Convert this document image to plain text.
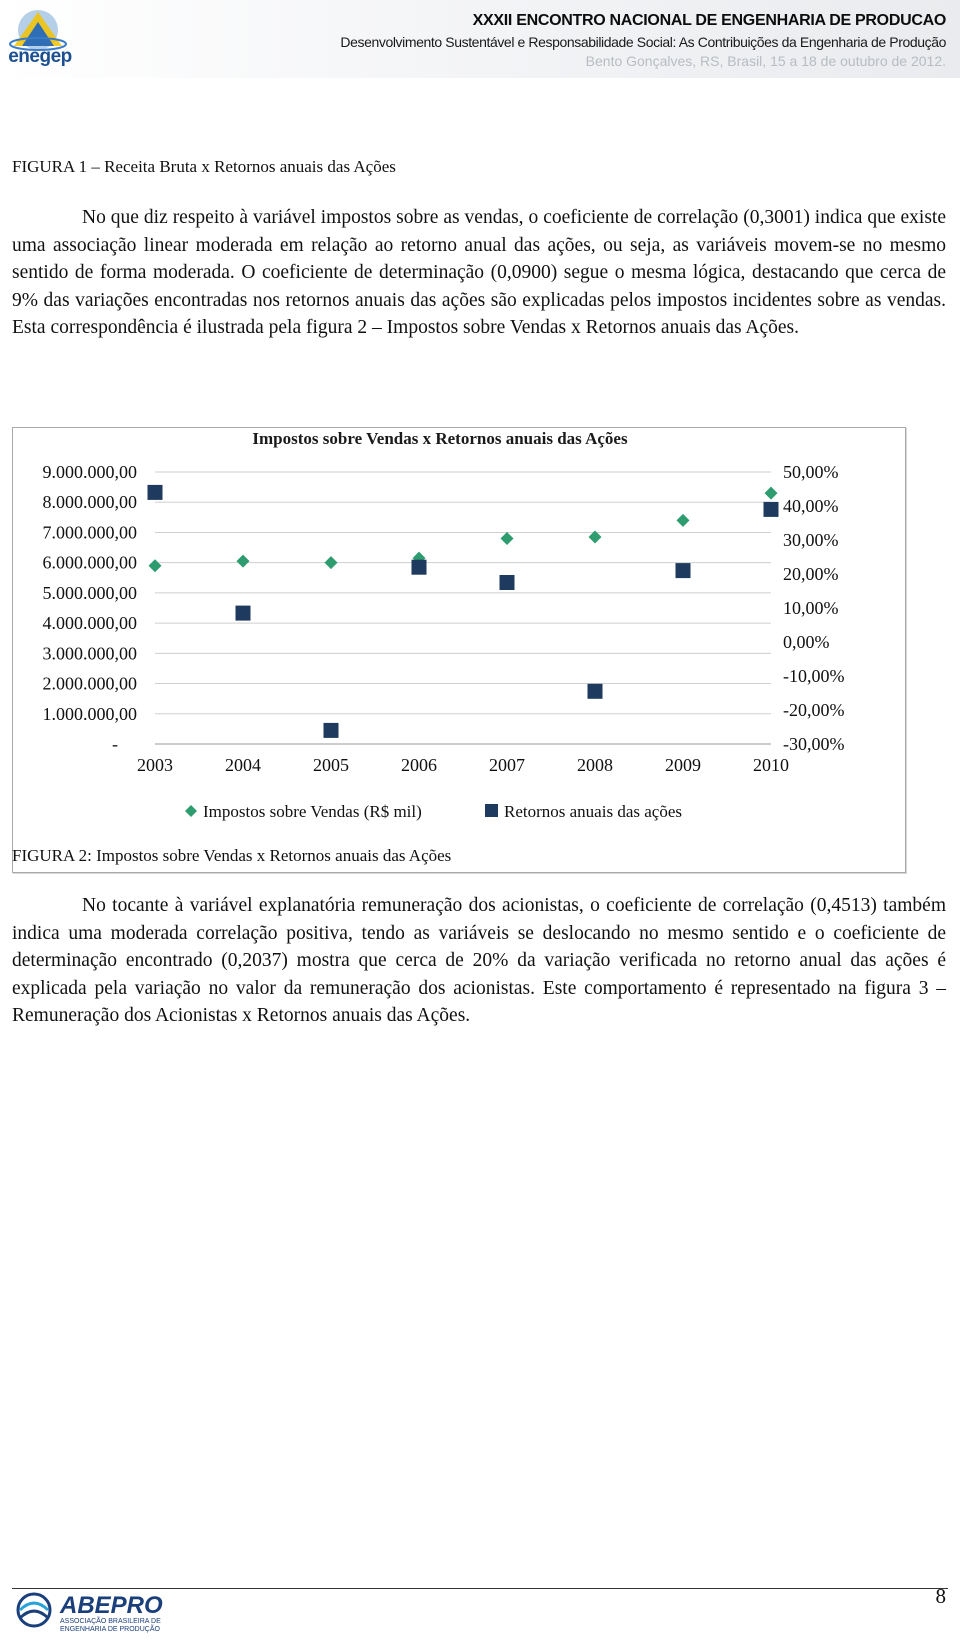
enegep
XXXII ENCONTRO NACIONAL DE ENGENHARIA DE PRODUCAO
Desenvolvimento Sustentável e Responsabilidade Social: As Contribuições da Engenharia de Produção
Bento Gonçalves, RS, Brasil, 15 a 18 de outubro de 2012.
FIGURA 1 – Receita Bruta x Retornos anuais das Ações
No que diz respeito à variável impostos sobre as vendas, o coeficiente de correlação (0,3001) indica que existe uma associação linear moderada em relação ao retorno anual das ações, ou seja, as variáveis movem-se no mesmo sentido de forma moderada. O coeficiente de determinação (0,0900) segue o mesma lógica, destacando que cerca de 9% das variações encontradas nos retornos anuais das ações são explicadas pelos impostos incidentes sobre as vendas. Esta correspondência é ilustrada pela figura 2 – Impostos sobre Vendas x Retornos anuais das Ações.
Impostos sobre Vendas x Retornos anuais das Ações
-
1.000.000,00
2.000.000,00
3.000.000,00
4.000.000,00
5.000.000,00
6.000.000,00
7.000.000,00
8.000.000,00
9.000.000,00
-30,00%
-20,00%
-10,00%
0,00%
10,00%
20,00%
30,00%
40,00%
50,00%
2003	2004	2005	2006	2007	2008	2009	2010
Impostos sobre Vendas (R$ mil)	Retornos anuais das ações
FIGURA 2: Impostos sobre Vendas x Retornos anuais das Ações
No tocante à variável explanatória remuneração dos acionistas, o coeficiente de correlação (0,4513) também indica uma moderada correlação positiva, tendo as variáveis se deslocando no mesmo sentido e o coeficiente de determinação encontrado (0,2037) mostra que cerca de 20% da variação verificada no retorno anual das ações é explicada pela variação no valor da remuneração dos acionistas. Este comportamento é representado na figura 3 – Remuneração dos Acionistas x Retornos anuais das Ações.
8
ABEPRO
ASSOCIAÇÃO BRASILEIRA DE ENGENHARIA DE PRODUÇÃO
